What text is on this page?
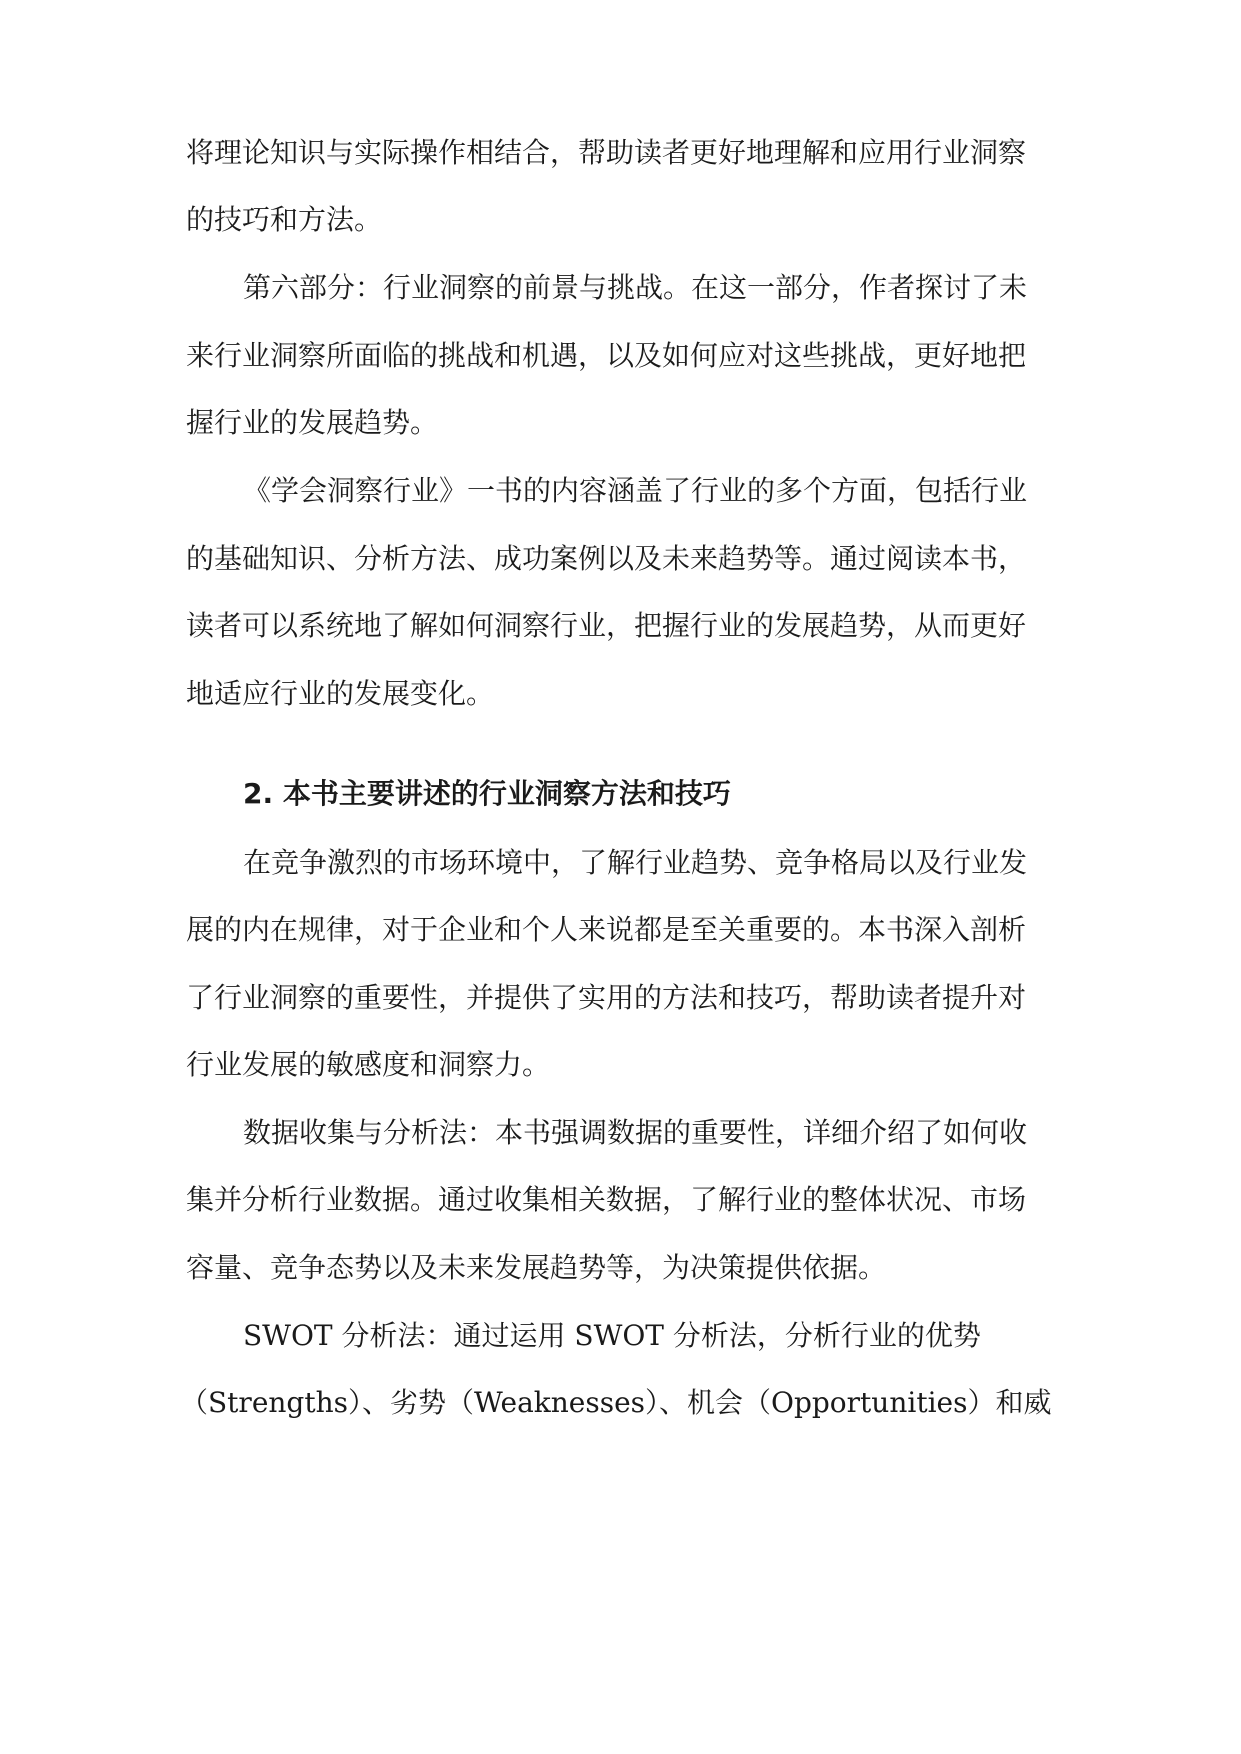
将理论知识与实际操作相结合，帮助读者更好地理解和应用行业洞察
的技巧和方法。
第六部分：行业洞察的前景与挑战。在这一部分，作者探讨了未
来行业洞察所面临的挑战和机遇，以及如何应对这些挑战，更好地把
握行业的发展趋势。
《学会洞察行业》一书的内容涵盖了行业的多个方面，包括行业
的基础知识、分析方法、成功案例以及未来趋势等。通过阅读本书，
读者可以系统地了解如何洞察行业，把握行业的发展趋势，从而更好
地适应行业的发展变化。
2. 本书主要讲述的行业洞察方法和技巧
在竞争激烈的市场环境中，了解行业趋势、竞争格局以及行业发
展的内在规律，对于企业和个人来说都是至关重要的。本书深入剖析
了行业洞察的重要性，并提供了实用的方法和技巧，帮助读者提升对
行业发展的敏感度和洞察力。
数据收集与分析法：本书强调数据的重要性，详细介绍了如何收
集并分析行业数据。通过收集相关数据，了解行业的整体状况、市场
容量、竞争态势以及未来发展趋势等，为决策提供依据。
SWOT 分析法：通过运用 SWOT 分析法，分析行业的优势
（Strengths）、劣势（Weaknesses）、机会（Opportunities）和威
